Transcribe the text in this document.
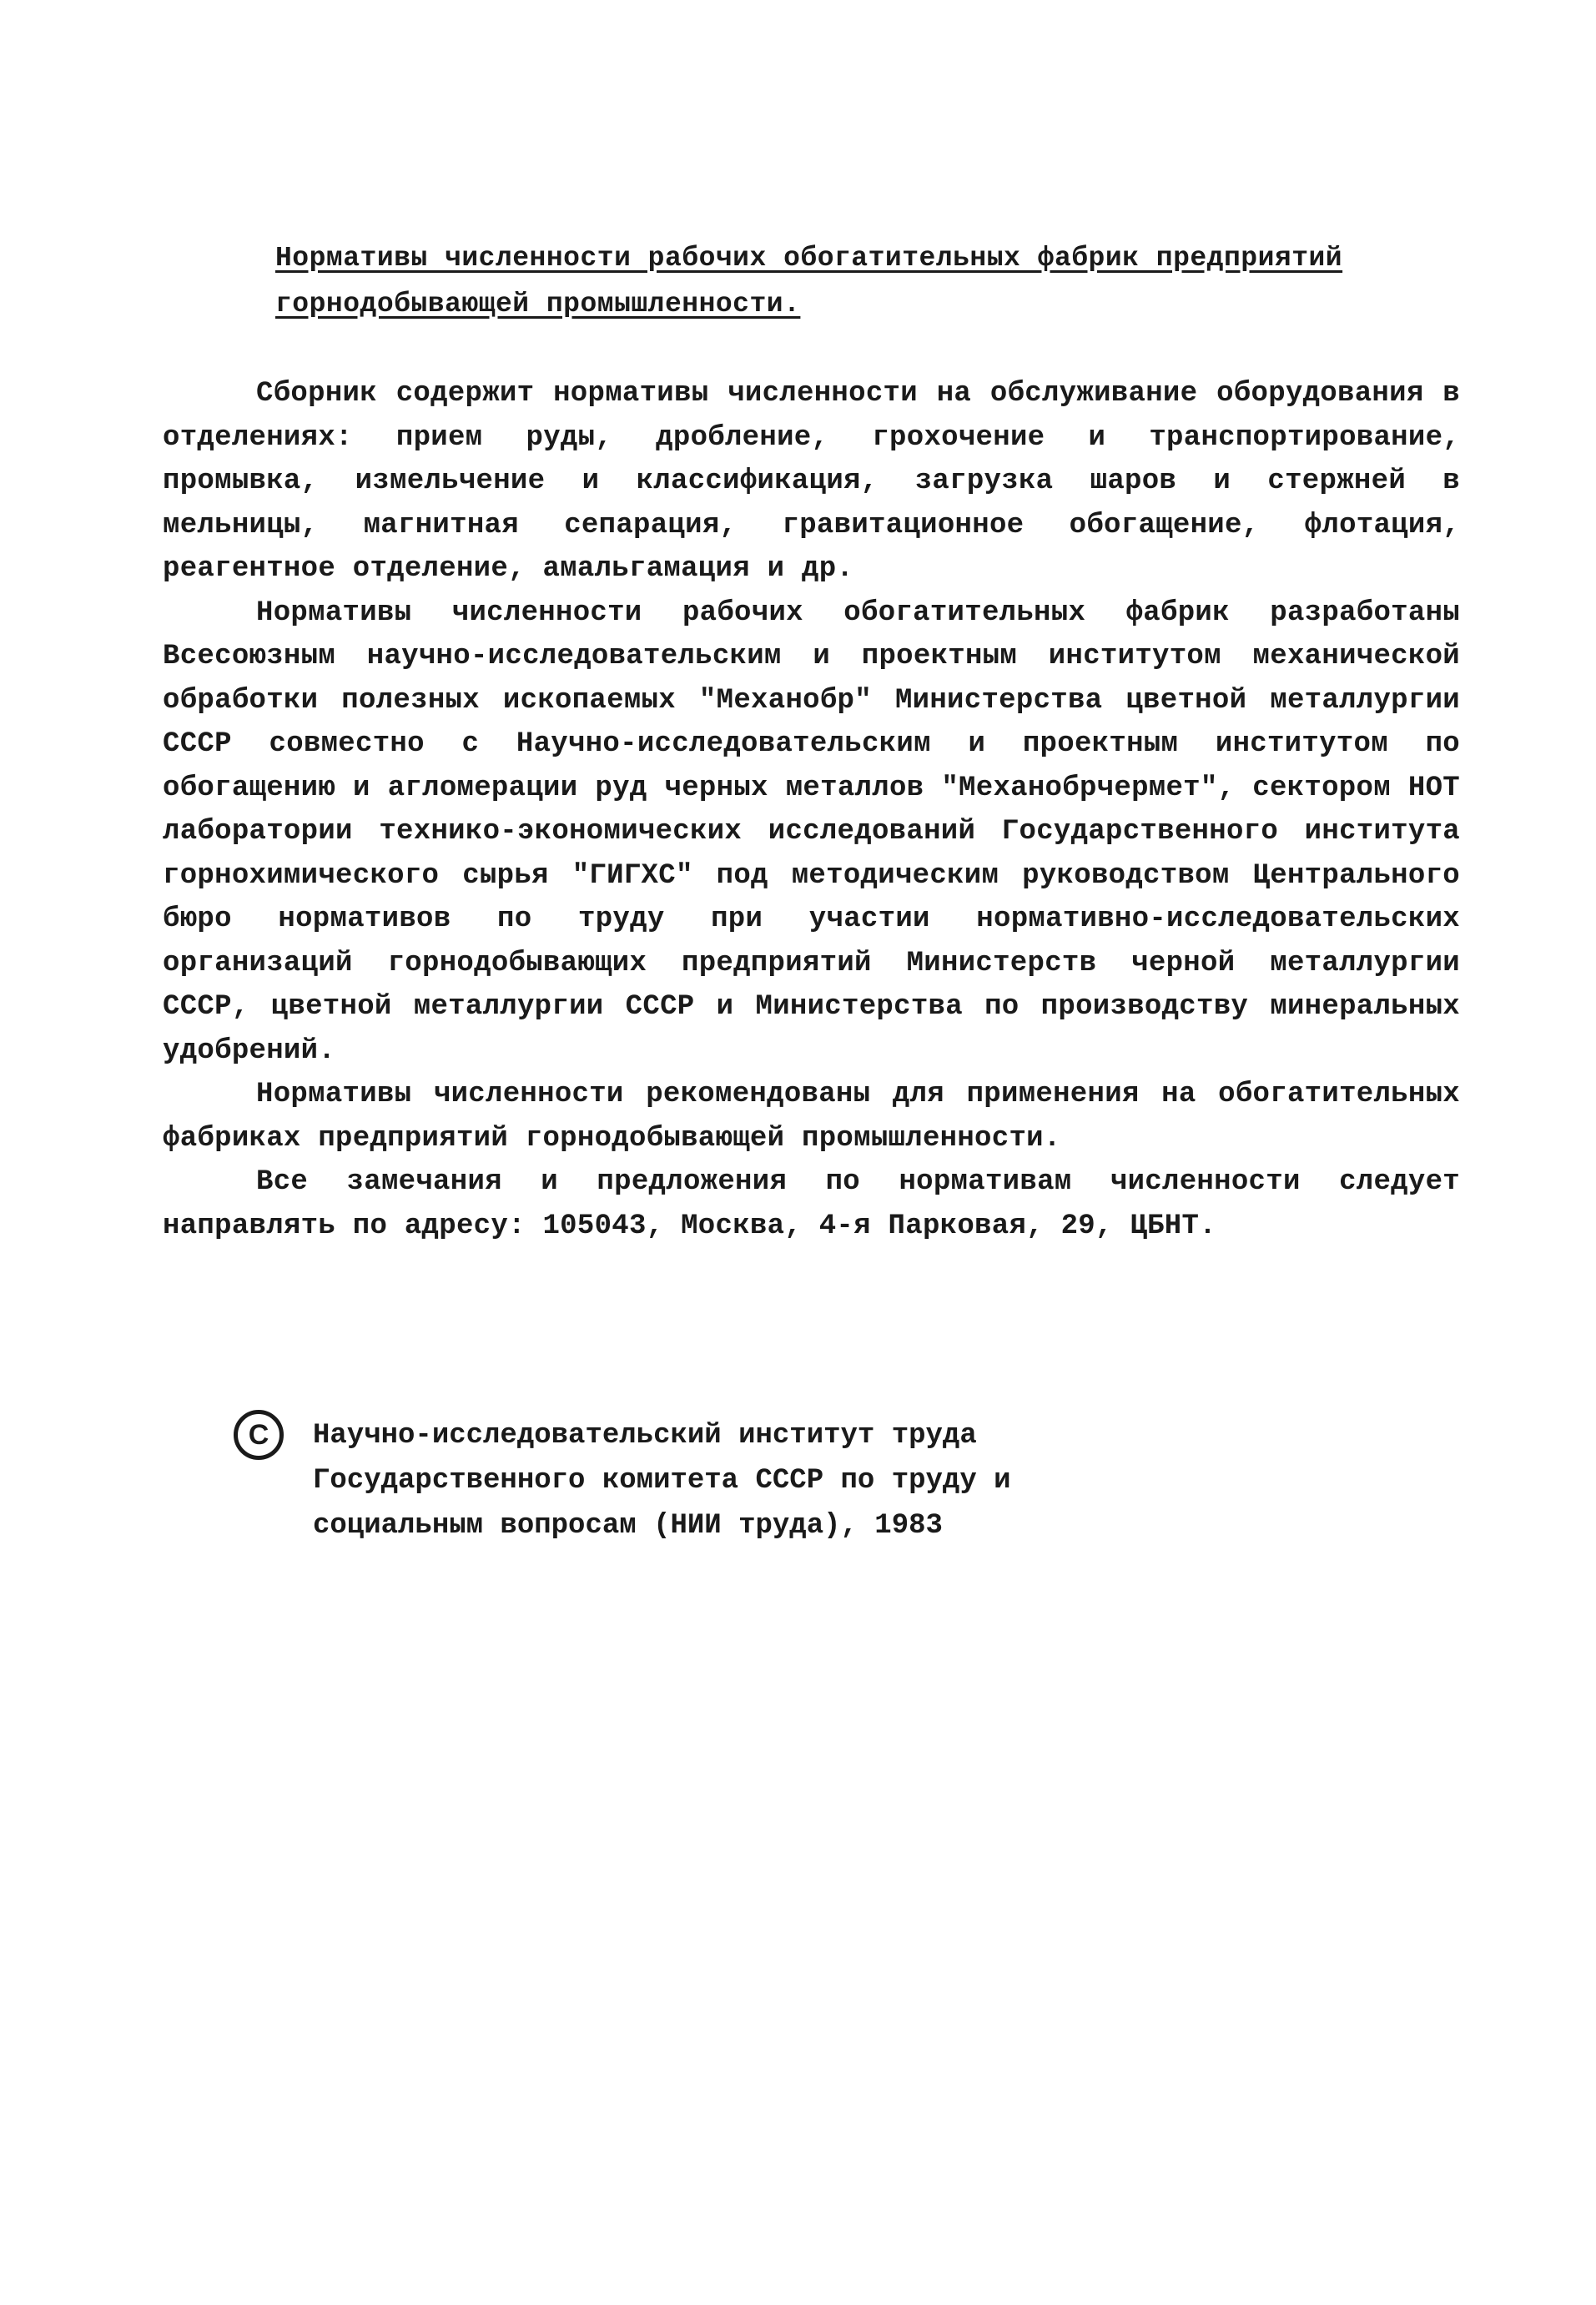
Нормативы численности рабочих обогатительных фабрик предприятий горнодобывающей промышленности.

Сборник содержит нормативы численности на обслуживание оборудования в отделениях: прием руды, дробление, грохочение и транспортирование, промывка, измельчение и классификация, загрузка шаров и стержней в мельницы, магнитная сепарация, гравитационное обогащение, флотация, реагентное отделение, амальгамация и др.

Нормативы численности рабочих обогатительных фабрик разработаны Всесоюзным научно-исследовательским и проектным институтом механической обработки полезных ископаемых "Механобр" Министерства цветной металлургии СССР совместно с Научно-исследовательским и проектным институтом по обогащению и агломерации руд черных металлов "Механобрчермет", сектором НОТ лаборатории технико-экономических исследований Государственного института горнохимического сырья "ГИГХС" под методическим руководством Центрального бюро нормативов по труду при участии нормативно-исследовательских организаций горнодобывающих предприятий Министерств черной металлургии СССР, цветной металлургии СССР и Министерства по производству минеральных удобрений.

Нормативы численности рекомендованы для применения на обогатительных фабриках предприятий горнодобывающей промышленности.

Все замечания и предложения по нормативам численности следует направлять по адресу: 105043, Москва, 4-я Парковая, 29, ЦБНТ.

С	Научно-исследовательский институт труда
Государственного комитета СССР по труду и
социальным вопросам (НИИ труда), 1983
